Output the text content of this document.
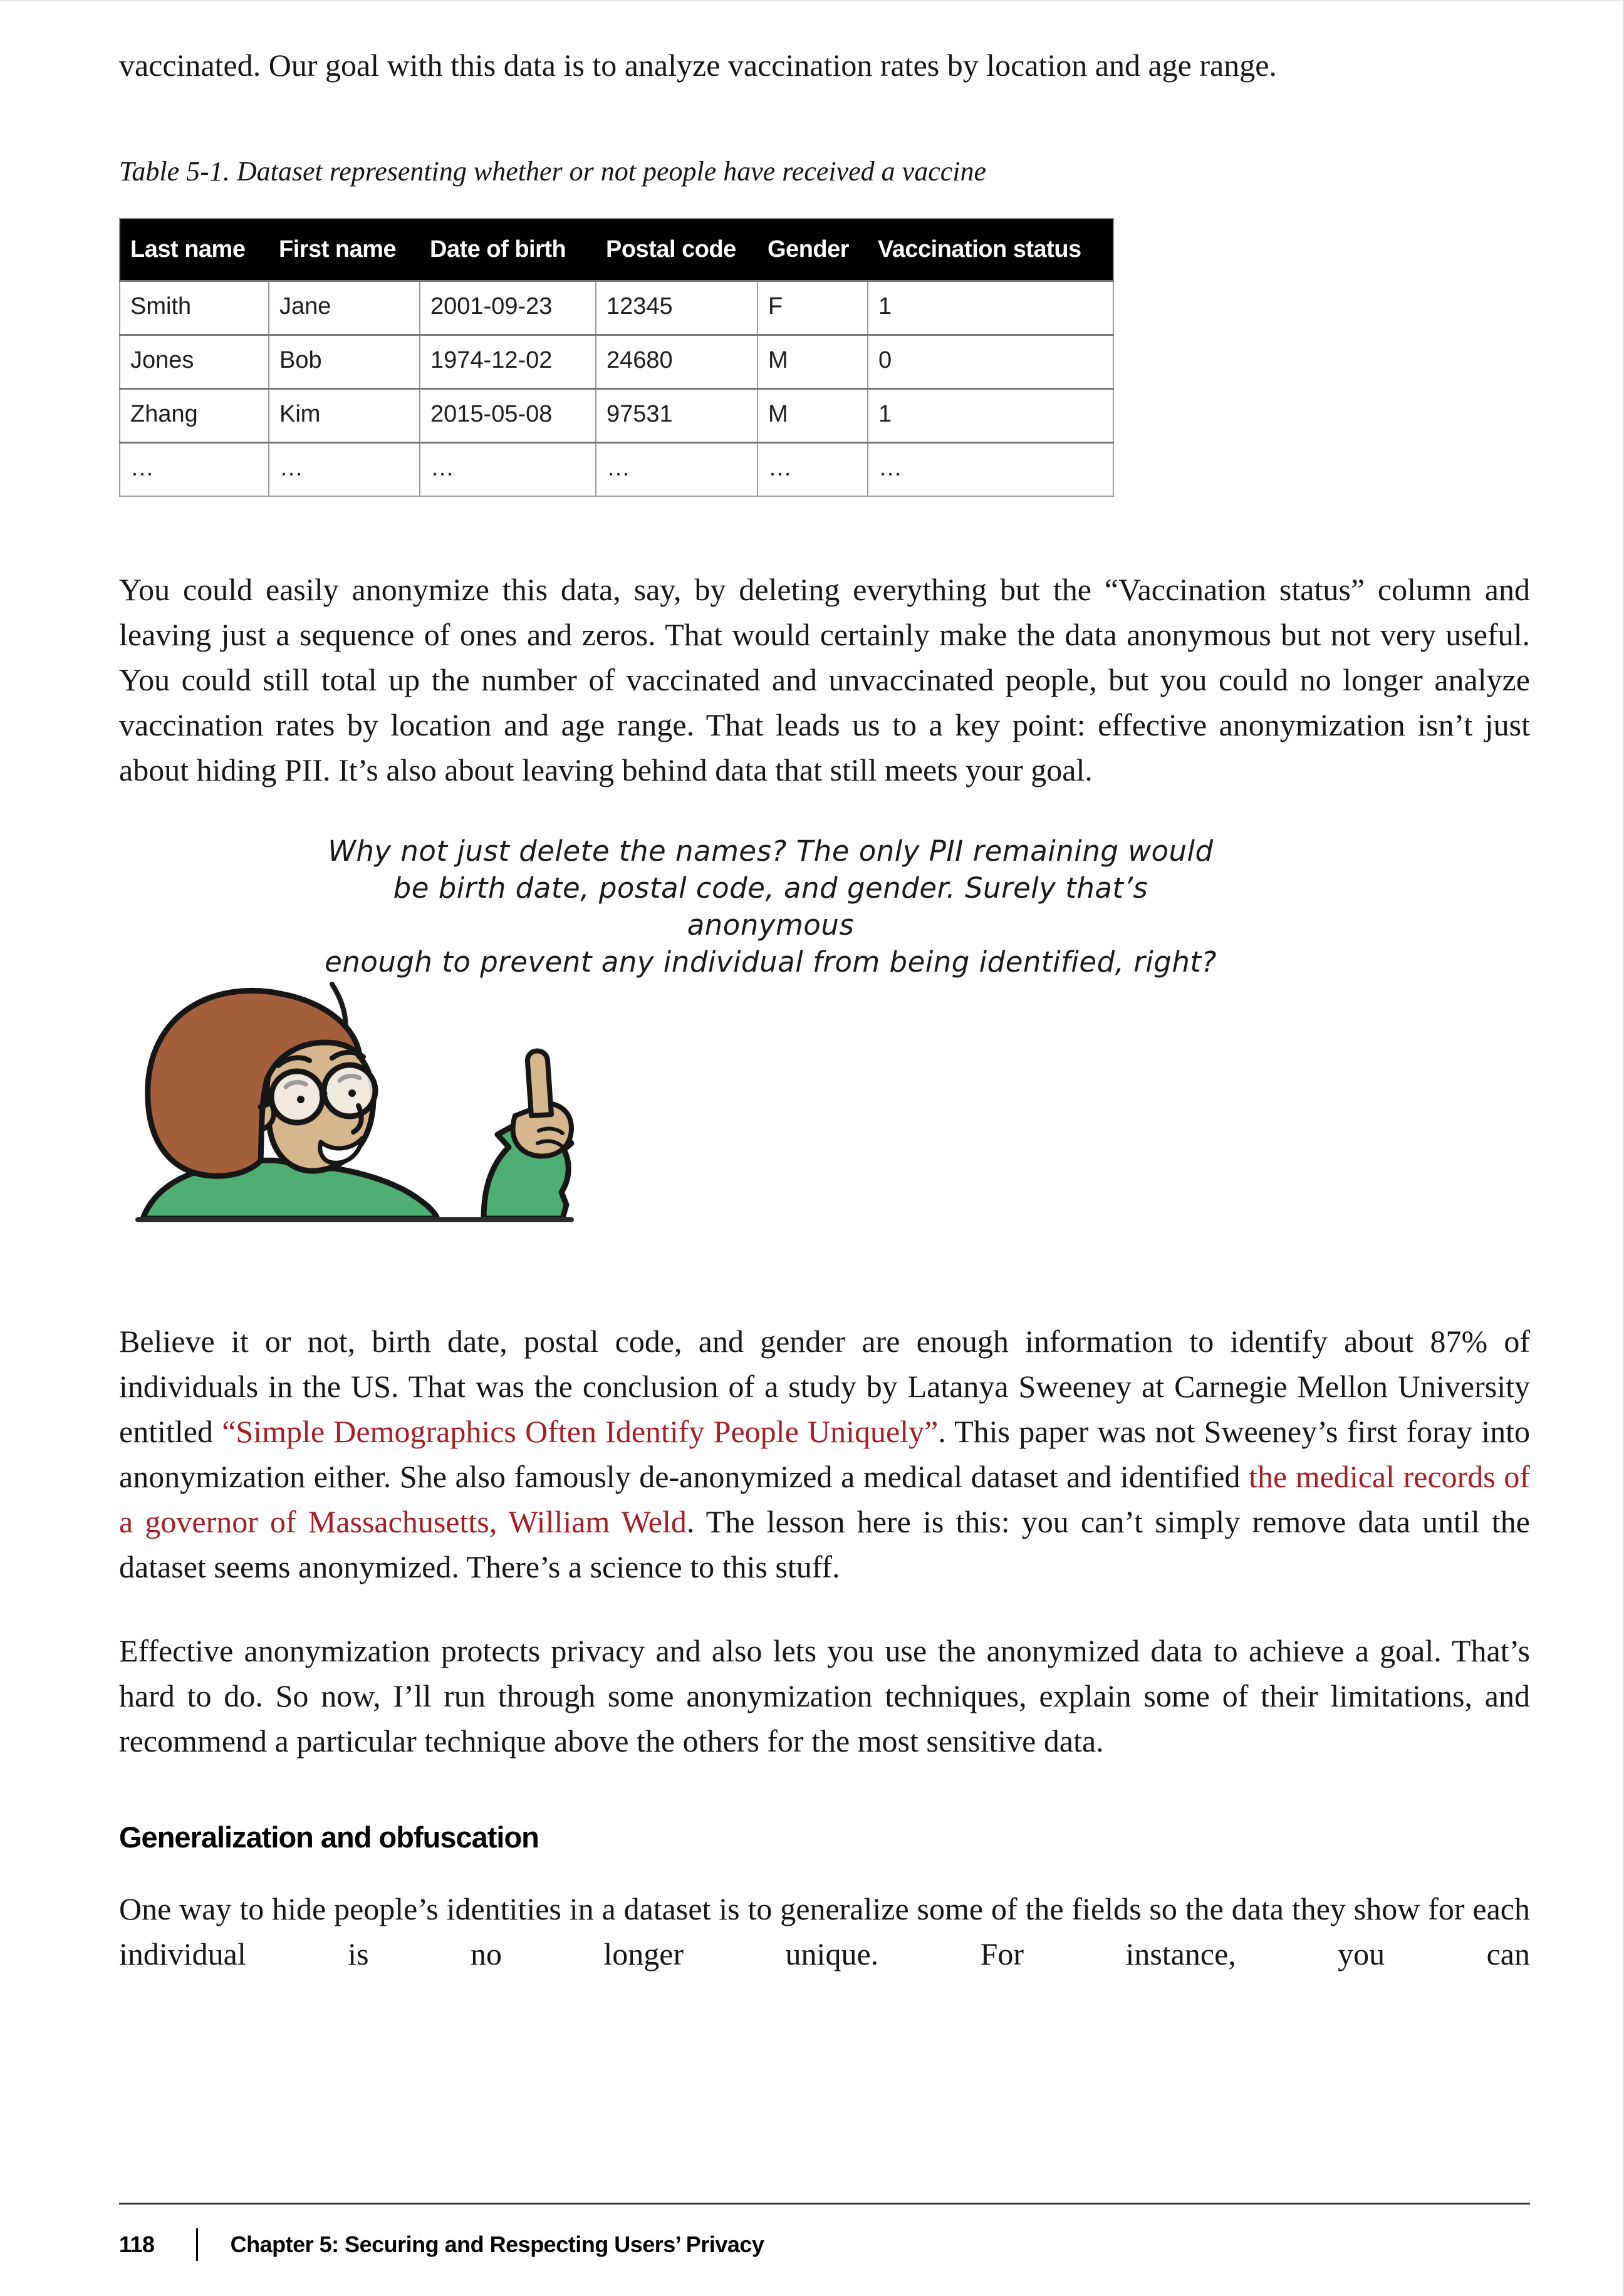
vaccinated. Our goal with this data is to analyze vaccination rates by location and age range.

Table 5-1. Dataset representing whether or not people have received a vaccine

Last name	First name	Date of birth	Postal code	Gender	Vaccination status
Smith	Jane	2001-09-23	12345	F	1
Jones	Bob	1974-12-02	24680	M	0
Zhang	Kim	2015-05-08	97531	M	1
…	…	…	…	…	…

You could easily anonymize this data, say, by deleting everything but the “Vaccination status” column and leaving just a sequence of ones and zeros. That would certainly make the data anonymous but not very useful. You could still total up the number of vaccinated and unvaccinated people, but you could no longer analyze vaccination rates by location and age range. That leads us to a key point: effective anonymization isn’t just about hiding PII. It’s also about leaving behind data that still meets your goal.

Why not just delete the names? The only PII remaining would
be birth date, postal code, and gender. Surely that’s anonymous
enough to prevent any individual from being identified, right?

Believe it or not, birth date, postal code, and gender are enough information to identify about 87% of individuals in the US. That was the conclusion of a study by Latanya Sweeney at Carnegie Mellon University entitled “Simple Demographics Often Identify People Uniquely”. This paper was not Sweeney’s first foray into anonymization either. She also famously de-anonymized a medical dataset and identified the medical records of a governor of Massachusetts, William Weld. The lesson here is this: you can’t simply remove data until the dataset seems anonymized. There’s a science to this stuff.

Effective anonymization protects privacy and also lets you use the anonymized data to achieve a goal. That’s hard to do. So now, I’ll run through some anonymization techniques, explain some of their limitations, and recommend a particular technique above the others for the most sensitive data.

Generalization and obfuscation

One way to hide people’s identities in a dataset is to generalize some of the fields so the data they show for each individual is no longer unique. For instance, you can

118	Chapter 5: Securing and Respecting Users’ Privacy
